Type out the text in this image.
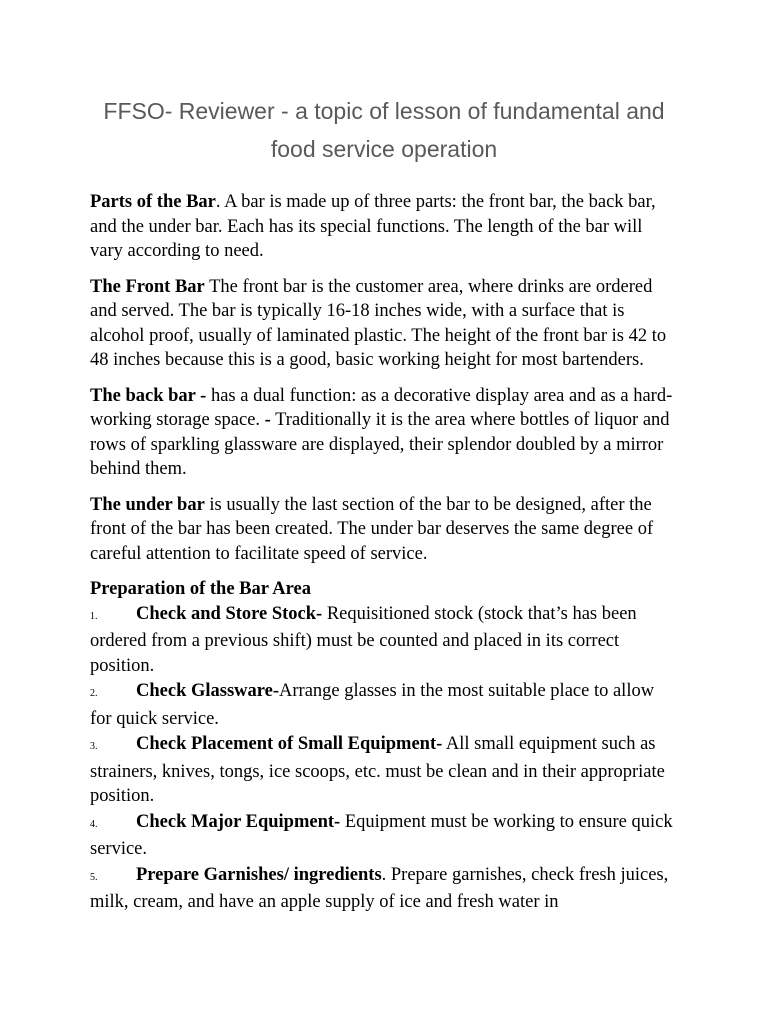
FFSO- Reviewer - a topic of lesson of fundamental and food service operation

Parts of the Bar. A bar is made up of three parts: the front bar, the back bar, and the under bar. Each has its special functions. The length of the bar will vary according to need.

The Front Bar The front bar is the customer area, where drinks are ordered and served. The bar is typically 16-18 inches wide, with a surface that is alcohol proof, usually of laminated plastic. The height of the front bar is 42 to 48 inches because this is a good, basic working height for most bartenders.

The back bar - has a dual function: as a decorative display area and as a hard-working storage space. - Traditionally it is the area where bottles of liquor and rows of sparkling glassware are displayed, their splendor doubled by a mirror behind them.

The under bar is usually the last section of the bar to be designed, after the front of the bar has been created. The under bar deserves the same degree of careful attention to facilitate speed of service.

Preparation of the Bar Area

1. Check and Store Stock- Requisitioned stock (stock that’s has been ordered from a previous shift) must be counted and placed in its correct position.

2. Check Glassware-Arrange glasses in the most suitable place to allow for quick service.

3. Check Placement of Small Equipment- All small equipment such as strainers, knives, tongs, ice scoops, etc. must be clean and in their appropriate position.

4. Check Major Equipment- Equipment must be working to ensure quick service.

5. Prepare Garnishes/ ingredients. Prepare garnishes, check fresh juices, milk, cream, and have an apple supply of ice and fresh water in
